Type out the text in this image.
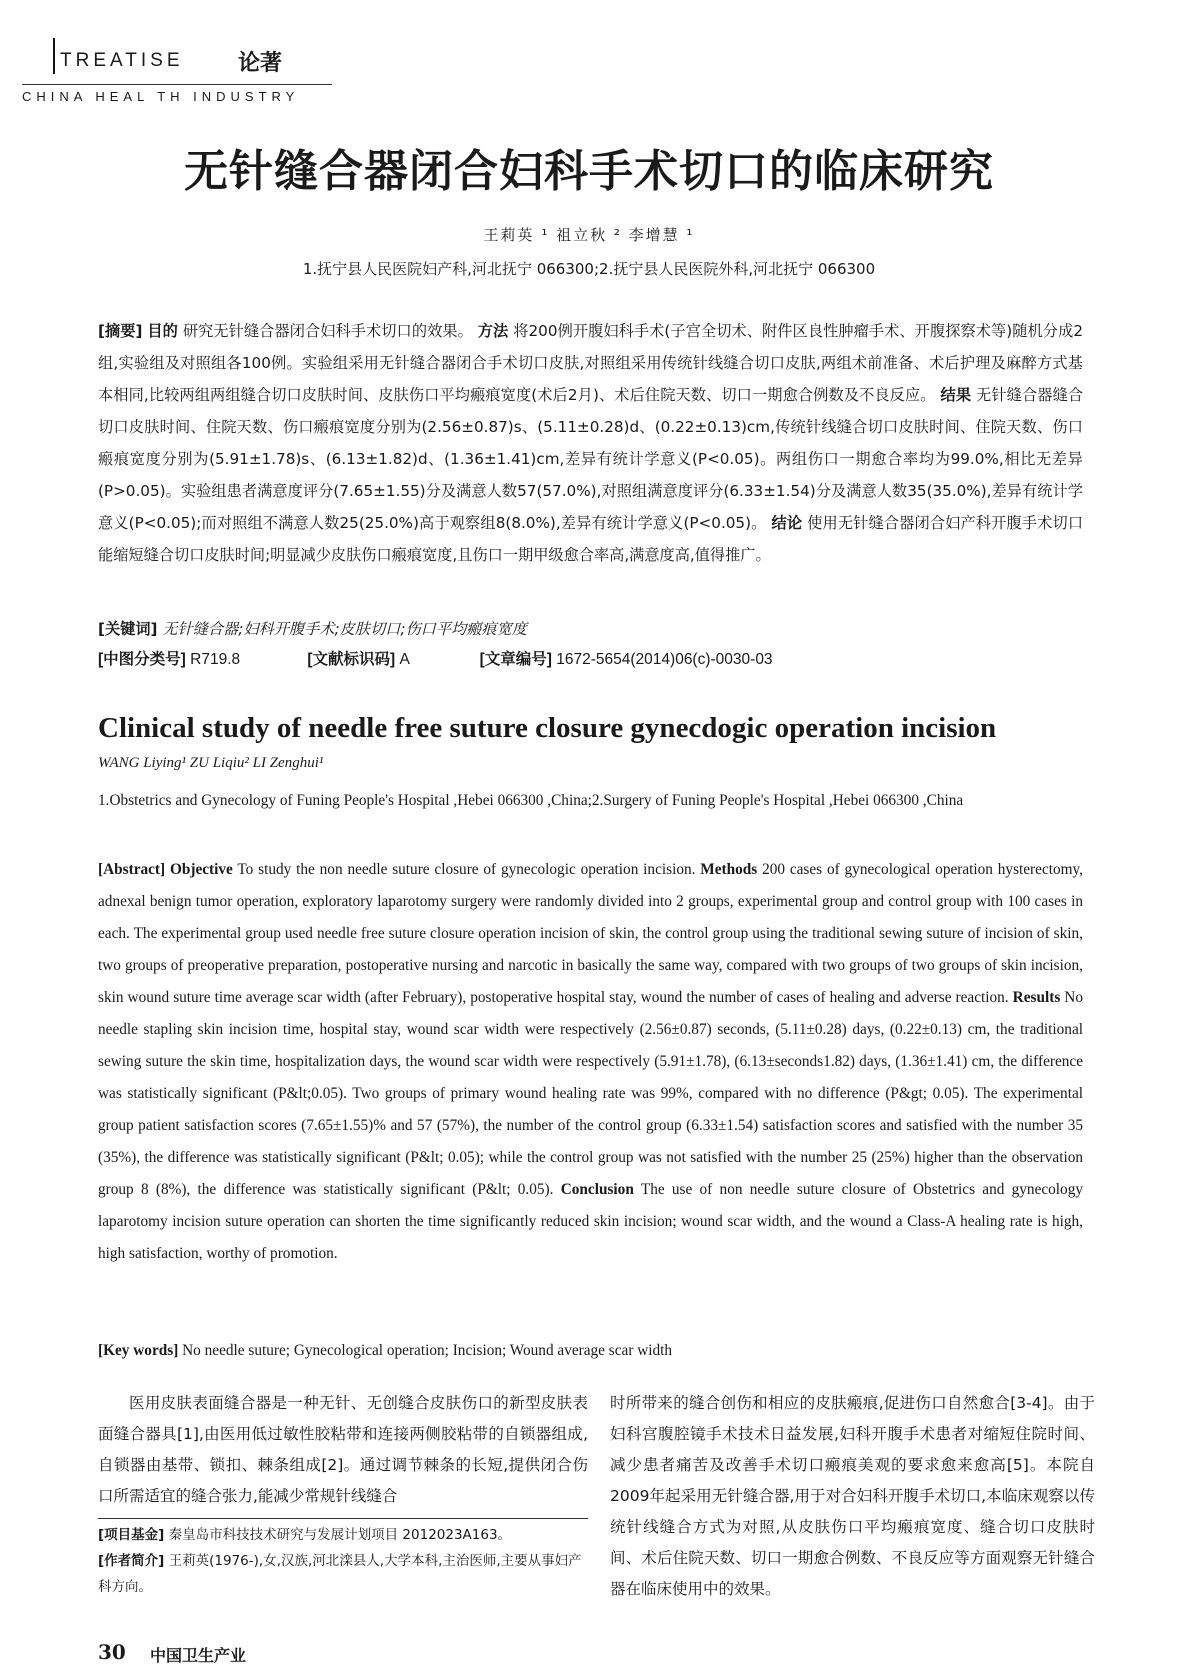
TREATISE 论著
CHINA HEAL TH INDUSTRY
无针缝合器闭合妇科手术切口的临床研究
王莉英 ¹ 祖立秋 ² 李增慧 ¹
1.抚宁县人民医院妇产科,河北抚宁 066300;2.抚宁县人民医院外科,河北抚宁 066300
[摘要] 目的 研究无针缝合器闭合妇科手术切口的效果。 方法 将200例开腹妇科手术(子宫全切术、附件区良性肿瘤手术、开腹探察术等)随机分成2组,实验组及对照组各100例。实验组采用无针缝合器闭合手术切口皮肤,对照组采用传统针线缝合切口皮肤,两组术前准备、术后护理及麻醉方式基本相同,比较两组两组缝合切口皮肤时间、皮肤伤口平均瘢痕宽度(术后2月)、术后住院天数、切口一期愈合例数及不良反应。 结果 无针缝合器缝合切口皮肤时间、住院天数、伤口瘢痕宽度分别为(2.56±0.87)s、(5.11±0.28)d、(0.22±0.13)cm,传统针线缝合切口皮肤时间、住院天数、伤口瘢痕宽度分别为(5.91±1.78)s、(6.13±1.82)d、(1.36±1.41)cm,差异有统计学意义(P<0.05)。两组伤口一期愈合率均为99.0%,相比无差异(P>0.05)。实验组患者满意度评分(7.65±1.55)分及满意人数57(57.0%),对照组满意度评分(6.33±1.54)分及满意人数35(35.0%),差异有统计学意义(P<0.05);而对照组不满意人数25(25.0%)高于观察组8(8.0%),差异有统计学意义(P<0.05)。 结论 使用无针缝合器闭合妇产科开腹手术切口能缩短缝合切口皮肤时间;明显减少皮肤伤口瘢痕宽度,且伤口一期甲级愈合率高,满意度高,值得推广。
[关键词] 无针缝合器;妇科开腹手术;皮肤切口;伤口平均瘢痕宽度
[中图分类号] R719.8	[文献标识码] A	[文章编号] 1672-5654(2014)06(c)-0030-03
Clinical study of needle free suture closure gynecdogic operation incision
WANG Liying¹ ZU Liqiu² LI Zenghui¹
1.Obstetrics and Gynecology of Funing People's Hospital ,Hebei 066300 ,China;2.Surgery of Funing People's Hospital ,Hebei 066300 ,China
[Abstract] Objective To study the non needle suture closure of gynecologic operation incision. Methods 200 cases of gynecological operation hysterectomy, adnexal benign tumor operation, exploratory laparotomy surgery were randomly divided into 2 groups, experimental group and control group with 100 cases in each. The experimental group used needle free suture closure operation incision of skin, the control group using the traditional sewing suture of incision of skin, two groups of preoperative preparation, postoperative nursing and narcotic in basically the same way, compared with two groups of two groups of skin incision, skin wound suture time average scar width (after February), postoperative hospital stay, wound the number of cases of healing and adverse reaction. Results No needle stapling skin incision time, hospital stay, wound scar width were respectively (2.56±0.87) seconds, (5.11±0.28) days, (0.22±0.13) cm, the traditional sewing suture the skin time, hospitalization days, the wound scar width were respectively (5.91±1.78), (6.13±seconds1.82) days, (1.36±1.41) cm, the difference was statistically significant (P&lt;0.05). Two groups of primary wound healing rate was 99%, compared with no difference (P&gt; 0.05). The experimental group patient satisfaction scores (7.65±1.55)% and 57 (57%), the number of the control group (6.33±1.54) satisfaction scores and satisfied with the number 35 (35%), the difference was statistically significant (P&lt; 0.05); while the control group was not satisfied with the number 25 (25%) higher than the observation group 8 (8%), the difference was statistically significant (P&lt; 0.05). Conclusion The use of non needle suture closure of Obstetrics and gynecology laparotomy incision suture operation can shorten the time significantly reduced skin incision; wound scar width, and the wound a Class-A healing rate is high, high satisfaction, worthy of promotion.
[Key words] No needle suture; Gynecological operation; Incision; Wound average scar width
医用皮肤表面缝合器是一种无针、无创缝合皮肤伤口的新型皮肤表面缝合器具[1],由医用低过敏性胶粘带和连接两侧胶粘带的自锁器组成,自锁器由基带、锁扣、棘条组成[2]。通过调节棘条的长短,提供闭合伤口所需适宜的缝合张力,能减少常规针线缝合
时所带来的缝合创伤和相应的皮肤瘢痕,促进伤口自然愈合[3-4]。由于妇科宫腹腔镜手术技术日益发展,妇科开腹手术患者对缩短住院时间、减少患者痛苦及改善手术切口瘢痕美观的要求愈来愈高[5]。本院自2009年起采用无针缝合器,用于对合妇科开腹手术切口,本临床观察以传统针线缝合方式为对照,从皮肤伤口平均瘢痕宽度、缝合切口皮肤时间、术后住院天数、切口一期愈合例数、不良反应等方面观察无针缝合器在临床使用中的效果。

[项目基金] 秦皇岛市科技技术研究与发展计划项目 2012023A163。

[作者简介] 王莉英(1976-),女,汉族,河北滦县人,大学本科,主治医师,主要从事妇产科方向。

30 中国卫生产业
